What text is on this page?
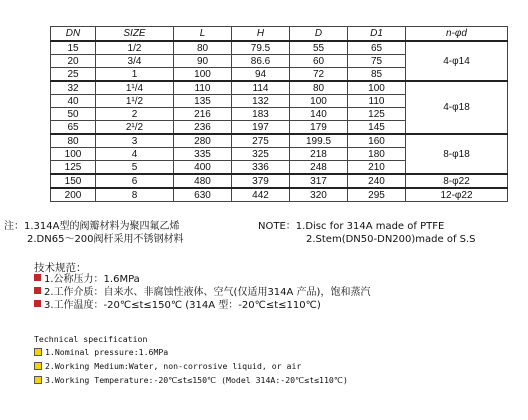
DN	SIZE	L	H	D	D1	n-φd
15	1/2	80	79.5	55	65	4-φ14
20	3/4	90	86.6	60	75	
25	1	100	94	72	85	
32	1¹/4	110	114	80	100	4-φ18
40	1¹/2	135	132	100	110	
50	2	216	183	140	125	
65	2¹/2	236	197	179	145	
80	3	280	275	199.5	160	8-φ18
100	4	335	325	218	180	
125	5	400	336	248	210	
150	6	480	379	317	240	8-φ22
200	8	630	442	320	295	12-φ22
注：1.314A型的阀瓣材料为聚四氟乙烯	NOTE：1.Disc for 314A made of PTFE
2.DN65～200阀杆采用不锈钢材料	2.Stem(DN50-DN200)made of S.S
技术规范：
1.公称压力：1.6MPa
2.工作介质：自来水、非腐蚀性液体、空气(仅适用314A 产品)，饱和蒸汽
3.工作温度：-20℃≤t≤150℃ (314A 型：-20℃≤t≤110℃)
Technical specification
1.Nominal pressure:1.6MPa
2.Working Medium:Water, non-corrosive liquid, or air
3.Working Temperature:-20℃≤t≤150℃ (Model 314A:-20℃≤t≤110℃)
